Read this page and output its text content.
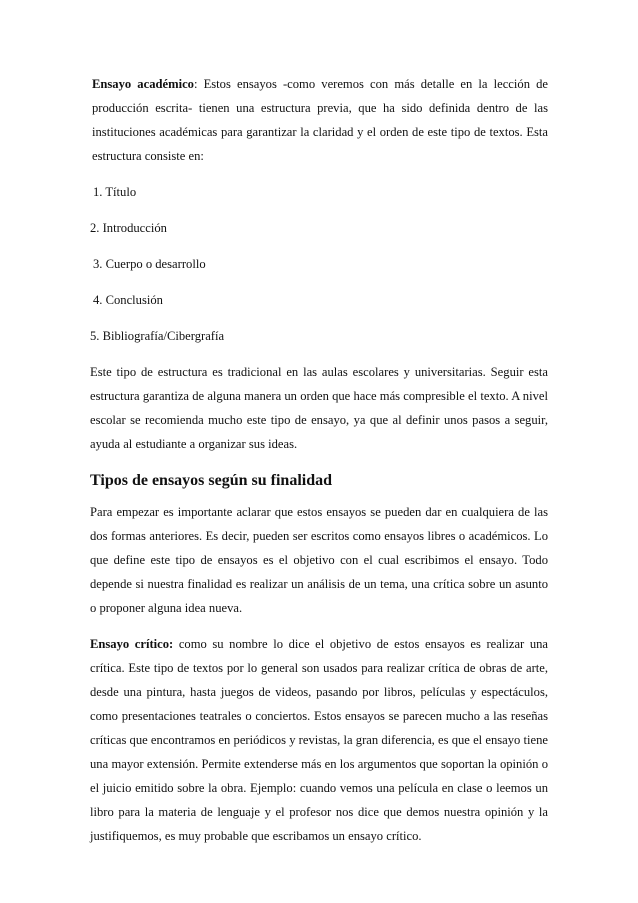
Ensayo académico: Estos ensayos -como veremos con más detalle en la lección de producción escrita- tienen una estructura previa, que ha sido definida dentro de las instituciones académicas para garantizar la claridad y el orden de este tipo de textos. Esta estructura consiste en:

1. Título
2. Introducción
3. Cuerpo o desarrollo
4. Conclusión
5. Bibliografía/Cibergrafía

Este tipo de estructura es tradicional en las aulas escolares y universitarias. Seguir esta estructura garantiza de alguna manera un orden que hace más compresible el texto. A nivel escolar se recomienda mucho este tipo de ensayo, ya que al definir unos pasos a seguir, ayuda al estudiante a organizar sus ideas.

Tipos de ensayos según su finalidad

Para empezar es importante aclarar que estos ensayos se pueden dar en cualquiera de las dos formas anteriores. Es decir, pueden ser escritos como ensayos libres o académicos. Lo que define este tipo de ensayos es el objetivo con el cual escribimos el ensayo. Todo depende si nuestra finalidad es realizar un análisis de un tema, una crítica sobre un asunto o proponer alguna idea nueva.

Ensayo crítico: como su nombre lo dice el objetivo de estos ensayos es realizar una crítica. Este tipo de textos por lo general son usados para realizar crítica de obras de arte, desde una pintura, hasta juegos de videos, pasando por libros, películas y espectáculos, como presentaciones teatrales o conciertos. Estos ensayos se parecen mucho a las reseñas críticas que encontramos en periódicos y revistas, la gran diferencia, es que el ensayo tiene una mayor extensión. Permite extenderse más en los argumentos que soportan la opinión o el juicio emitido sobre la obra. Ejemplo: cuando vemos una película en clase o leemos un libro para la materia de lenguaje y el profesor nos dice que demos nuestra opinión y la justifiquemos, es muy probable que escribamos un ensayo crítico.
